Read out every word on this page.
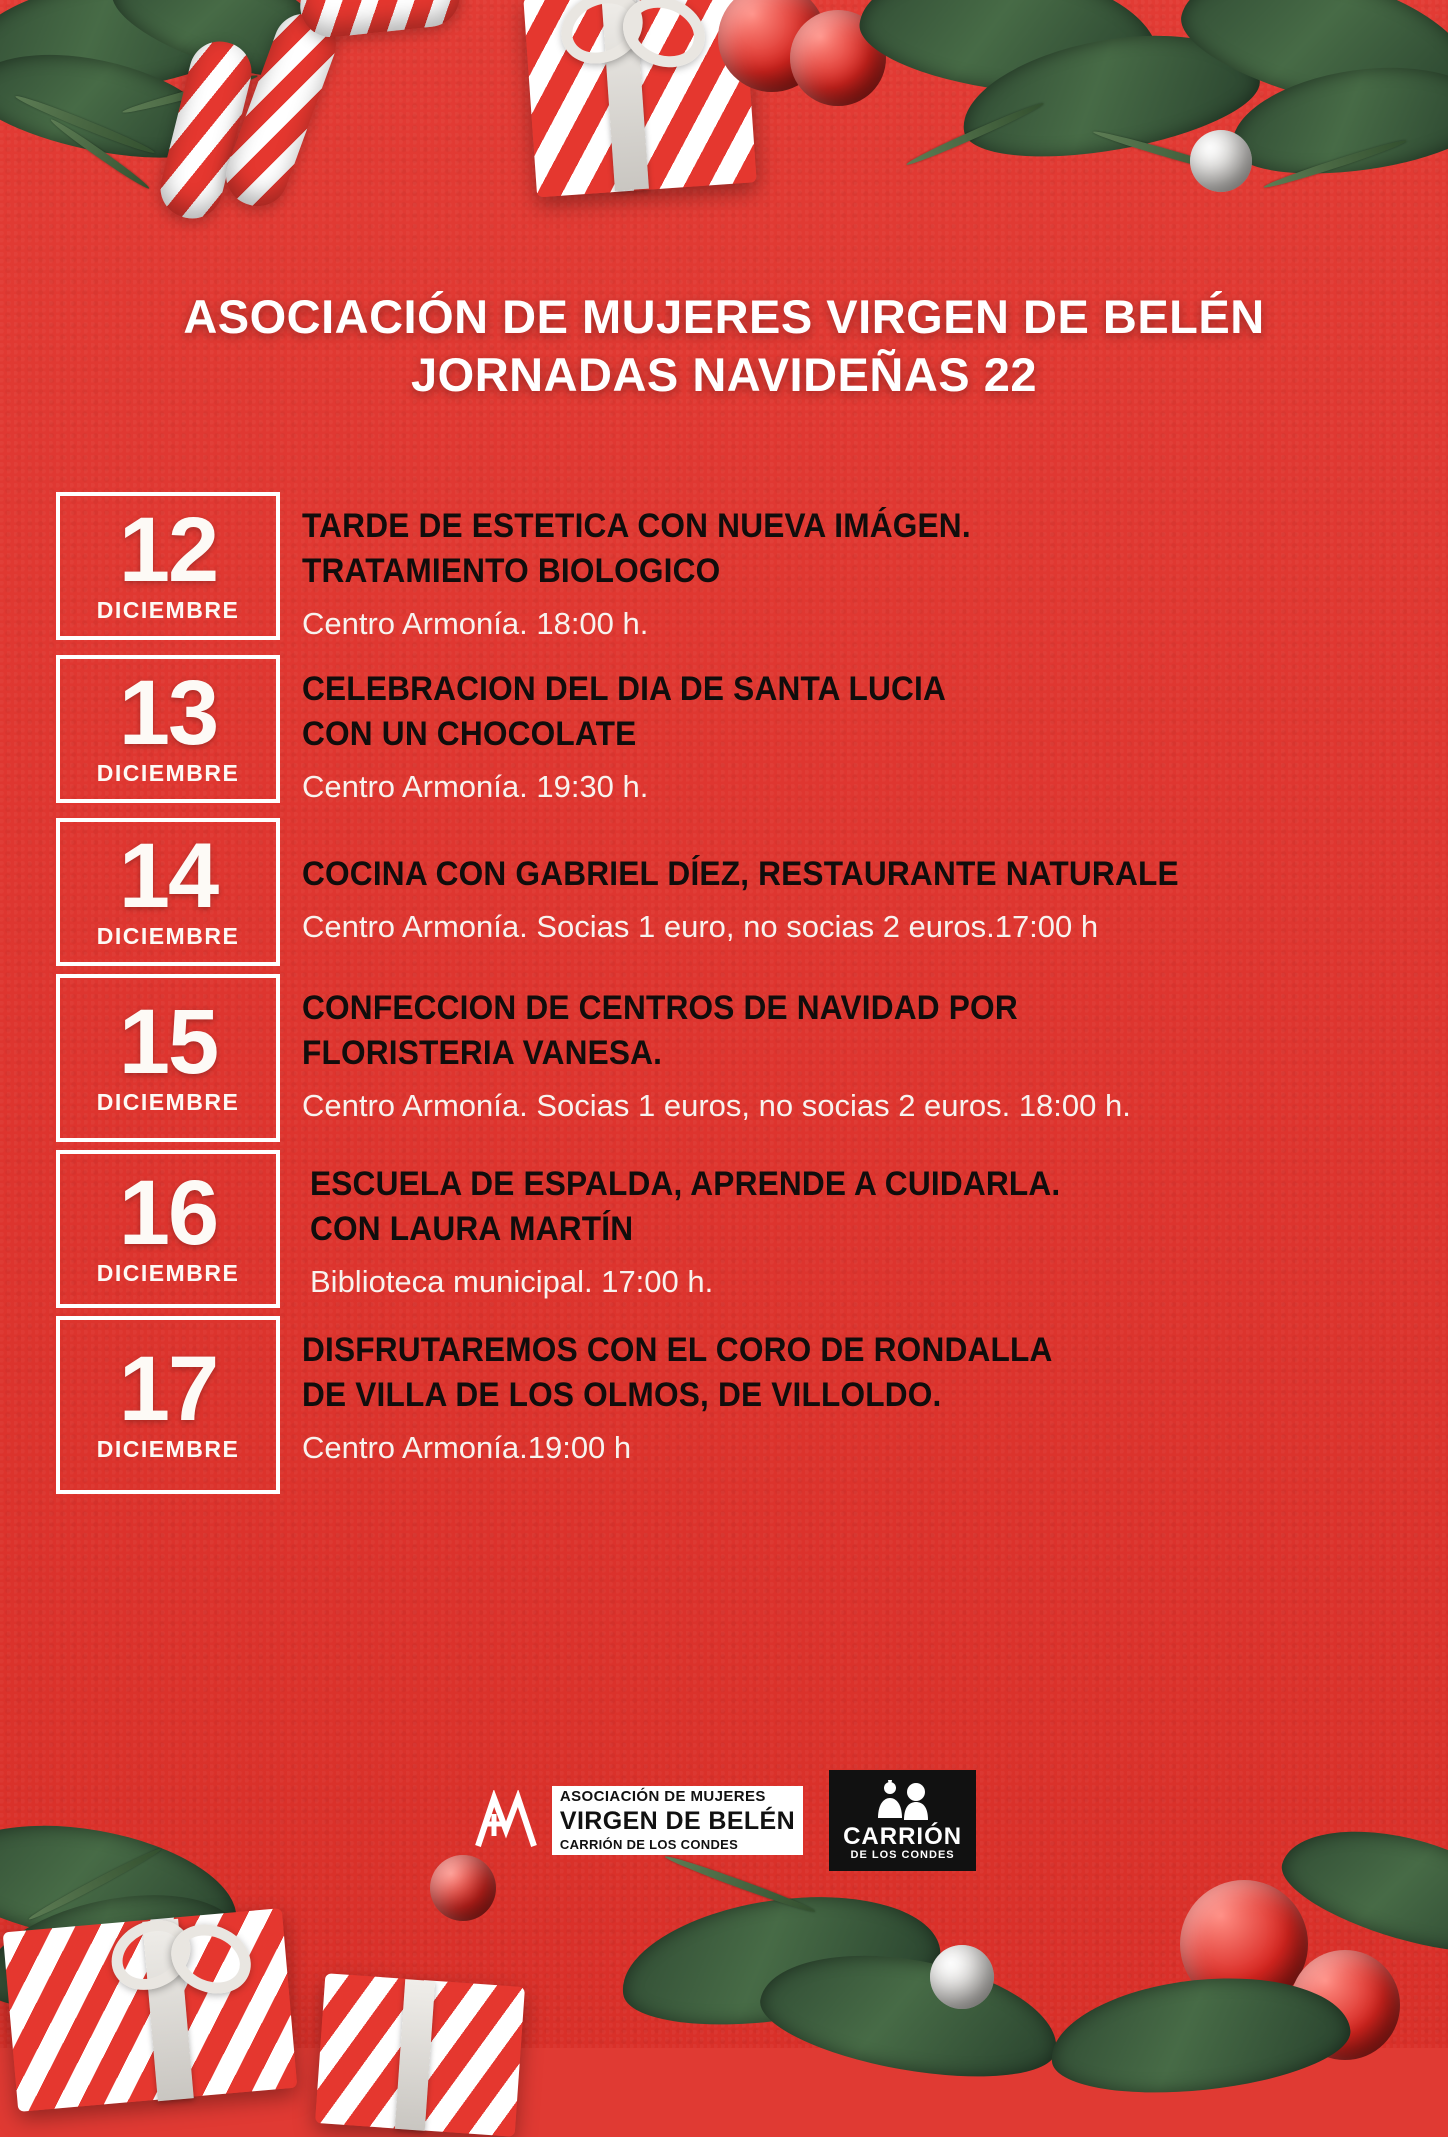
ASOCIACIÓN DE MUJERES VIRGEN DE BELÉN
JORNADAS NAVIDEÑAS 22
12
DICIEMBRE
TARDE DE ESTETICA CON NUEVA IMÁGEN.
TRATAMIENTO BIOLOGICO
Centro Armonía. 18:00 h.
13
DICIEMBRE
CELEBRACION DEL DIA DE SANTA LUCIA
CON UN CHOCOLATE
Centro Armonía. 19:30 h.
14
DICIEMBRE
COCINA CON GABRIEL DÍEZ, RESTAURANTE NATURALE
Centro Armonía. Socias 1 euro, no socias 2 euros.17:00 h
15
DICIEMBRE
CONFECCION DE CENTROS DE NAVIDAD POR
FLORISTERIA VANESA.
Centro Armonía. Socias 1 euros, no socias 2 euros. 18:00 h.
16
DICIEMBRE
ESCUELA DE ESPALDA, APRENDE A CUIDARLA.
CON LAURA MARTÍN
Biblioteca municipal. 17:00 h.
17
DICIEMBRE
DISFRUTAREMOS CON EL CORO DE RONDALLA
DE VILLA DE LOS OLMOS, DE VILLOLDO.
Centro Armonía.19:00 h
ASOCIACIÓN DE MUJERES
VIRGEN DE BELÉN
CARRIÓN DE LOS CONDES	CARRIÓN
DE LOS CONDES
